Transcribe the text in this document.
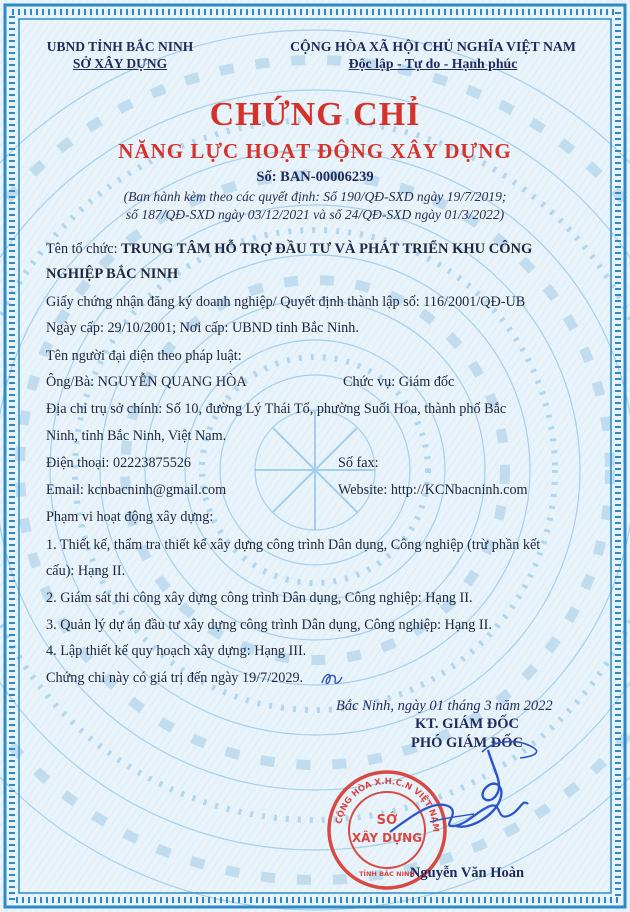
UBND TỈNH BẮC NINH
SỞ XÂY DỰNG
CỘNG HÒA XÃ HỘI CHỦ NGHĨA VIỆT NAM
Độc lập - Tự do - Hạnh phúc
CHỨNG CHỈ
NĂNG LỰC HOẠT ĐỘNG XÂY DỰNG
Số: BAN-00006239
(Ban hành kèm theo các quyết định: Số 190/QĐ-SXD ngày 19/7/2019;
số 187/QĐ-SXD ngày 03/12/2021 và số 24/QĐ-SXD ngày 01/3/2022)
Tên tổ chức: TRUNG TÂM HỖ TRỢ ĐẦU TƯ VÀ PHÁT TRIỂN KHU CÔNG
NGHIỆP BẮC NINH
Giấy chứng nhận đăng ký doanh nghiệp/ Quyết định thành lập số: 116/2001/QĐ-UB
Ngày cấp: 29/10/2001; Nơi cấp: UBND tỉnh Bắc Ninh.
Tên người đại diện theo pháp luật:
Ông/Bà: NGUYỄN QUANG HÒA	Chức vụ: Giám đốc
Địa chỉ trụ sở chính: Số 10, đường Lý Thái Tổ, phường Suối Hoa, thành phố Bắc
Ninh, tỉnh Bắc Ninh, Việt Nam.
Điện thoại: 02223875526	Số fax:
Email: kcnbacninh@gmail.com	Website: http://KCNbacninh.com
Phạm vi hoạt động xây dựng:
1. Thiết kế, thẩm tra thiết kế xây dựng công trình Dân dụng, Công nghiệp (trừ phần kết
cấu): Hạng II.
2. Giám sát thi công xây dựng công trình Dân dụng, Công nghiệp: Hạng II.
3. Quản lý dự án đầu tư xây dựng công trình Dân dụng, Công nghiệp: Hạng II.
4. Lập thiết kế quy hoạch xây dựng: Hạng III.
Chứng chỉ này có giá trị đến ngày 19/7/2029.
Bắc Ninh, ngày 01 tháng 3 năm 2022
KT. GIÁM ĐỐC
PHÓ GIÁM ĐỐC
CỘNG HÒA X.H.C.N VIỆT NAM
SỞ
XÂY DỰNG
TỈNH BẮC NINH
Nguyễn Văn Hoàn
